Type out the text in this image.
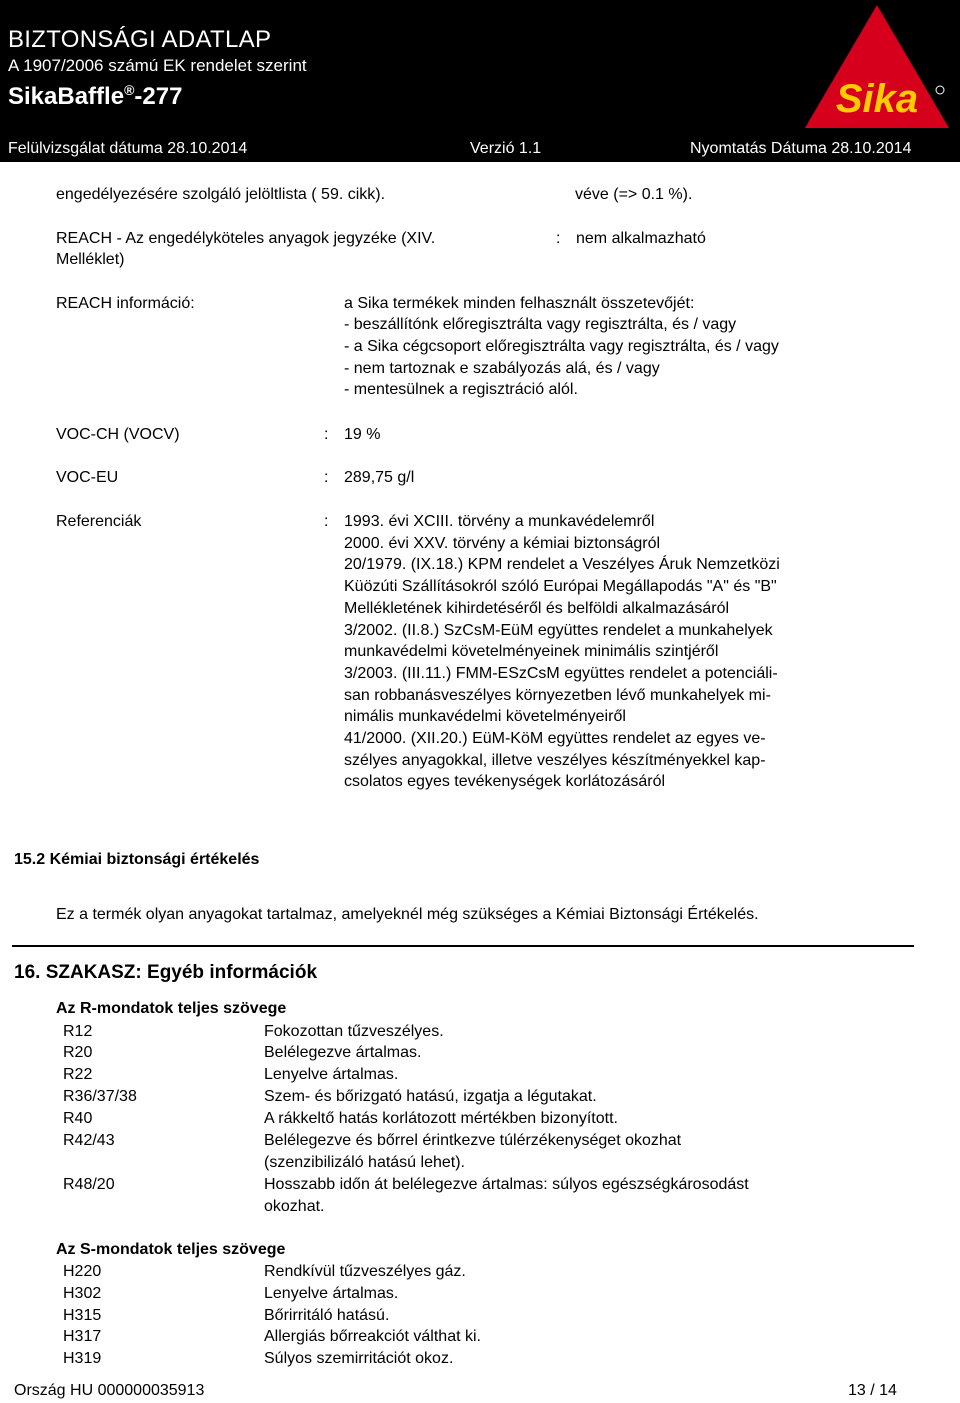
BIZTONSÁGI ADATLAP
A 1907/2006 számú EK rendelet szerint
SikaBaffle®-277
Felülvizsgálat dátuma 28.10.2014	Verzió 1.1	Nyomtatás Dátuma 28.10.2014
Sika
engedélyezésére szolgáló jelöltlista ( 59. cikk).	véve (=> 0.1 %).
REACH - Az engedélyköteles anyagok jegyzéke (XIV.
Melléklet)
: nem alkalmazható
REACH információ:	a Sika termékek minden felhasznált összetevőjét:
- beszállítónk előregisztrálta vagy regisztrálta, és / vagy
- a Sika cégcsoport előregisztrálta vagy regisztrálta, és / vagy
- nem tartoznak e szabályozás alá, és / vagy
- mentesülnek a regisztráció alól.
VOC-CH (VOCV)	: 19 %
VOC-EU	: 289,75 g/l
Referenciák	: 1993. évi XCIII. törvény a munkavédelemről
2000. évi XXV. törvény a kémiai biztonságról
20/1979. (IX.18.) KPM rendelet a Veszélyes Áruk Nemzetközi
Küözúti Szállításokról szóló Európai Megállapodás "A" és "B"
Mellékletének kihirdetéséről és belföldi alkalmazásáról
3/2002. (II.8.) SzCsM-EüM együttes rendelet a munkahelyek
munkavédelmi követelményeinek minimális szintjéről
3/2003. (III.11.) FMM-ESzCsM együttes rendelet a potenciáli-
san robbanásveszélyes környezetben lévő munkahelyek mi-
nimális munkavédelmi követelményeiről
41/2000. (XII.20.) EüM-KöM együttes rendelet az egyes ve-
szélyes anyagokkal, illetve veszélyes készítményekkel kap-
csolatos egyes tevékenységek korlátozásáról
15.2 Kémiai biztonsági értékelés
Ez a termék olyan anyagokat tartalmaz, amelyeknél még szükséges a Kémiai Biztonsági Értékelés.
16. SZAKASZ: Egyéb információk
Az R-mondatok teljes szövege
R12	Fokozottan tűzveszélyes.
R20	Belélegezve ártalmas.
R22	Lenyelve ártalmas.
R36/37/38	Szem- és bőrizgató hatású, izgatja a légutakat.
R40	A rákkeltő hatás korlátozott mértékben bizonyított.
R42/43	Belélegezve és bőrrel érintkezve túlérzékenységet okozhat
(szenzibilizáló hatású lehet).
R48/20	Hosszabb időn át belélegezve ártalmas: súlyos egészségkárosodást
okozhat.
Az S-mondatok teljes szövege
H220	Rendkívül tűzveszélyes gáz.
H302	Lenyelve ártalmas.
H315	Bőrirritáló hatású.
H317	Allergiás bőrreakciót válthat ki.
H319	Súlyos szemirritációt okoz.
Ország HU 000000035913	13 / 14
